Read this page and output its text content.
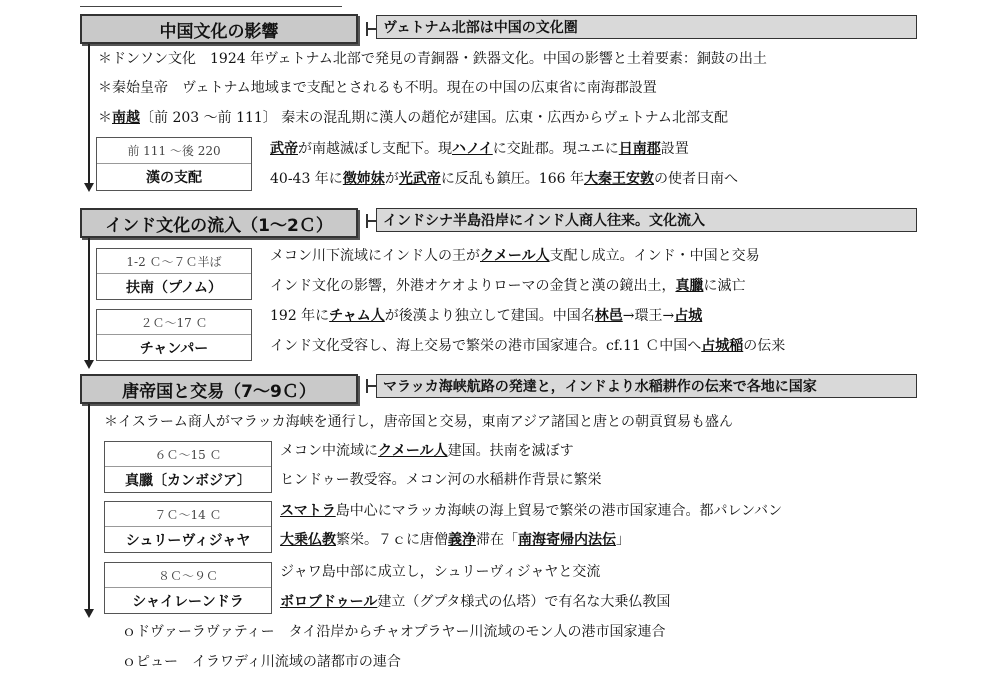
中国文化の影響	ヴェトナム北部は中国の文化圏
＊ドンソン文化　1924 年ヴェトナム北部で発見の青銅器・鉄器文化。中国の影響と土着要素：銅鼓の出土
＊秦始皇帝　ヴェトナム地域まで支配とされるも不明。現在の中国の広東省に南海郡設置
＊南越〔前 203 ～前 111〕 秦末の混乱期に漢人の趙佗が建国。広東・広西からヴェトナム北部支配
前 111 ～後 220
漢の支配
武帝が南越滅ぼし支配下。現ハノイに交趾郡。現ユエに日南郡設置
40-43 年に徴姉妹が光武帝に反乱も鎮圧。166 年大秦王安敦の使者日南へ
インド文化の流入（1～2Ｃ）	インドシナ半島沿岸にインド人商人往来。文化流入
1-2 Ｃ～７Ｃ半ば
扶南（プノム）
メコン川下流域にインド人の王がクメール人支配し成立。インド・中国と交易
インド文化の影響，外港オケオよりローマの金貨と漢の鏡出土，真臘に滅亡
２Ｃ～17 Ｃ
チャンパー
192 年にチャム人が後漢より独立して建国。中国名林邑→環王→占城
インド文化受容し、海上交易で繁栄の港市国家連合。cf.11 Ｃ中国へ占城稲の伝来
唐帝国と交易（7～9Ｃ）	マラッカ海峡航路の発達と，インドより水稲耕作の伝来で各地に国家
＊イスラーム商人がマラッカ海峡を通行し，唐帝国と交易，東南アジア諸国と唐との朝貢貿易も盛ん
６Ｃ～15 Ｃ
真臘〔カンボジア〕
メコン中流域にクメール人建国。扶南を滅ぼす
ヒンドゥー教受容。メコン河の水稲耕作背景に繁栄
７Ｃ～14 Ｃ
シュリーヴィジャヤ
スマトラ島中心にマラッカ海峡の海上貿易で繁栄の港市国家連合。都パレンバン
大乗仏教繁栄。７ｃに唐僧義浄滞在「南海寄帰内法伝」
８Ｃ～９Ｃ
シャイレーンドラ
ジャワ島中部に成立し，シュリーヴィジャヤと交流
ボロブドゥール建立（グプタ様式の仏塔）で有名な大乗仏教国
ｏドヴァーラヴァティー　タイ沿岸からチャオプラヤー川流域のモン人の港市国家連合
ｏピュー　イラワディ川流域の諸都市の連合
